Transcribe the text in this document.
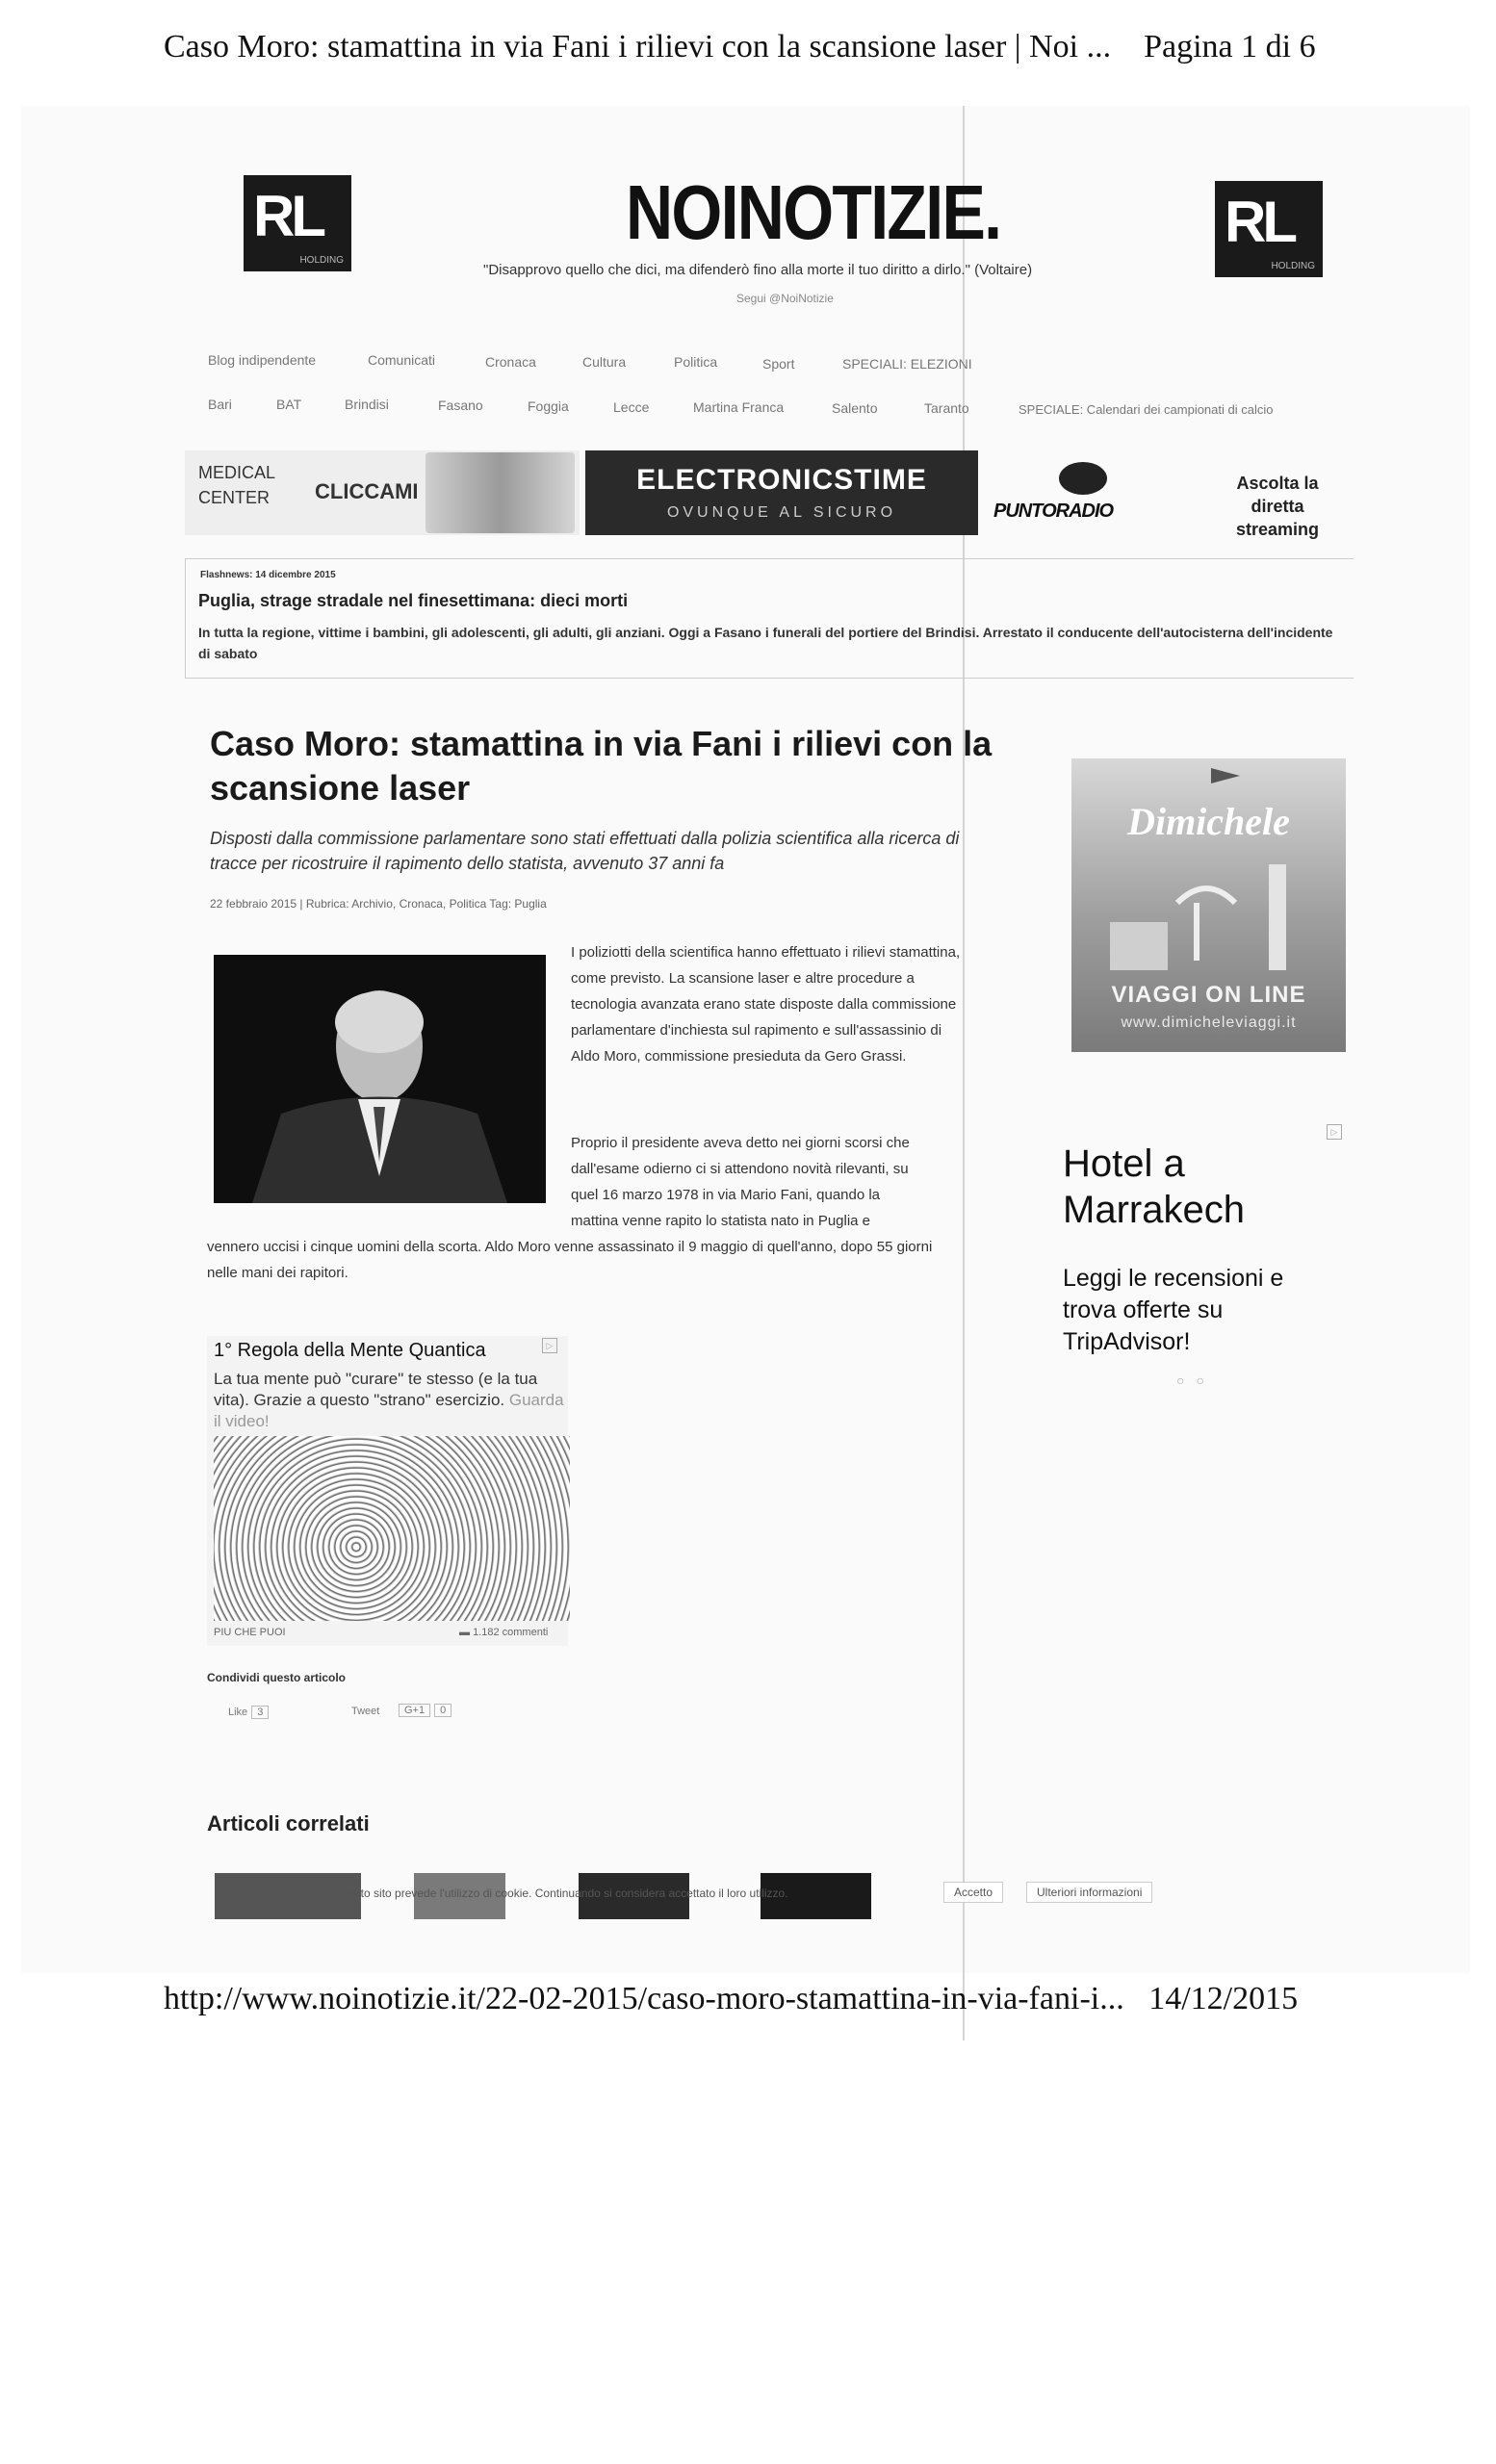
Caso Moro: stamattina in via Fani i rilievi con la scansione laser | Noi ... Pagina 1 di 6
RL
HOLDING
RL
HOLDING
NOINOTIZIE.
"Disapprovo quello che dici, ma difenderò fino alla morte il tuo diritto a dirlo." (Voltaire)
Segui @NoiNotizie
Blog indipendente	Comunicati	Cronaca	Cultura	Politica	Sport	SPECIALI: ELEZIONI
Bari	BAT	Brindisi	Fasano	Foggia	Lecce	Martina Franca	Salento	Taranto	SPECIALE: Calendari dei campionati di calcio
MEDICAL CENTER	CLICCAMI	ELECTRONICSTIME
OVUNQUE AL SICURO	PUNTORADIO
Ascolta la diretta streaming
Flashnews: 14 dicembre 2015
Puglia, strage stradale nel finesettimana: dieci morti
In tutta la regione, vittime i bambini, gli adolescenti, gli adulti, gli anziani. Oggi a Fasano i funerali del portiere del Brindisi. Arrestato il conducente dell'autocisterna dell'incidente di sabato
Caso Moro: stamattina in via Fani i rilievi con la scansione laser
Disposti dalla commissione parlamentare sono stati effettuati dalla polizia scientifica alla ricerca di tracce per ricostruire il rapimento dello statista, avvenuto 37 anni fa
22 febbraio 2015 | Rubrica: Archivio, Cronaca, Politica Tag: Puglia
I poliziotti della scientifica hanno effettuato i rilievi stamattina, come previsto. La scansione laser e altre procedure a tecnologia avanzata erano state disposte dalla commissione parlamentare d'inchiesta sul rapimento e sull'assassinio di Aldo Moro, commissione presieduta da Gero Grassi.
Proprio il presidente aveva detto nei giorni scorsi che
dall'esame odierno ci si attendono novità rilevanti, su
quel 16 marzo 1978 in via Mario Fani, quando la
mattina venne rapito lo statista nato in Puglia e
vennero uccisi i cinque uomini della scorta. Aldo Moro venne assassinato il 9 maggio di quell'anno, dopo 55 giorni nelle mani dei rapitori.
Dimichele
VIAGGI ON LINE
www.dimicheleviaggi.it
▷
Hotel a Marrakech
Leggi le recensioni e trova offerte su TripAdvisor!
○○
▷
1° Regola della Mente Quantica
La tua mente può "curare" te stesso (e la tua vita). Grazie a questo "strano" esercizio. Guarda il video!
PIU CHE PUOI	▬ 1.182 commenti
Condividi questo articolo
Like 3	Tweet	G+1 0
Articoli correlati
Questo sito prevede l'utilizzo di cookie. Continuando si considera accettato il loro utilizzo.	Accetto	Ulteriori informazioni
http://www.noinotizie.it/22-02-2015/caso-moro-stamattina-in-via-fani-i... 14/12/2015
